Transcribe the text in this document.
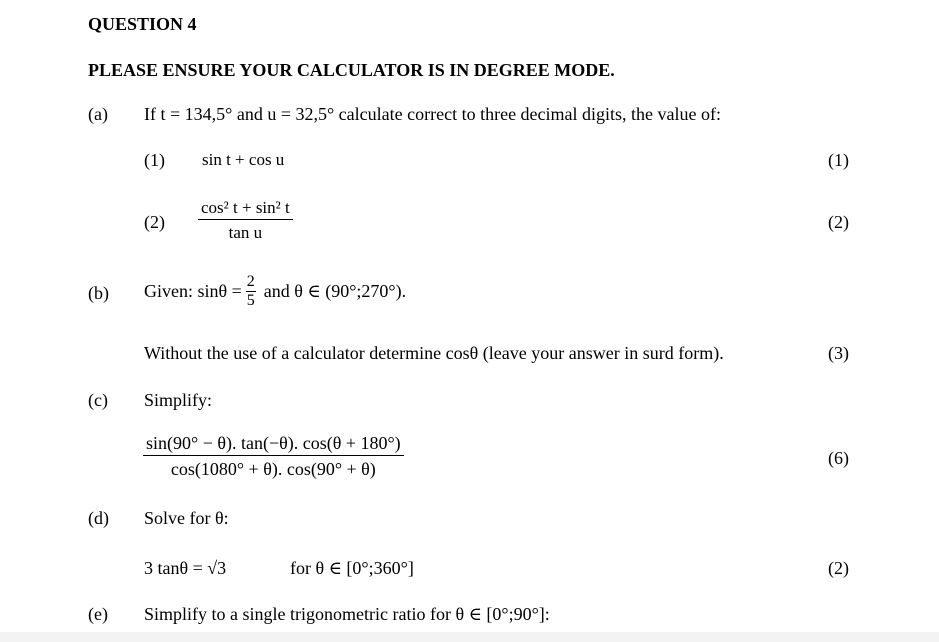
QUESTION 4
PLEASE ENSURE YOUR CALCULATOR IS IN DEGREE MODE.
(a) If t = 134,5° and u = 32,5° calculate correct to three decimal digits, the value of:
(1) sin t + cos u	(1)
$(2) \frac{\text{cos² t + sin² t}}{\text{tan u}}$	(2)
(b) Given: $\sin\theta = \frac{2}{5}$ and θ ∈ (90°;270°).
Without the use of a calculator determine cosθ (leave your answer in surd form).	(3)
(c) Simplify:
$\frac{\sin(90^\circ - \theta). \tan(-\theta). \cos(\theta + 180^\circ)}{\cos(1080^\circ + \theta). \cos(90^\circ + \theta)}$	(6)
(d) Solve for θ:
3 tanθ = √3	for θ ∈ [0°;360°]	(2)
(e) Simplify to a single trigonometric ratio for θ ∈ [0°;90°]:
